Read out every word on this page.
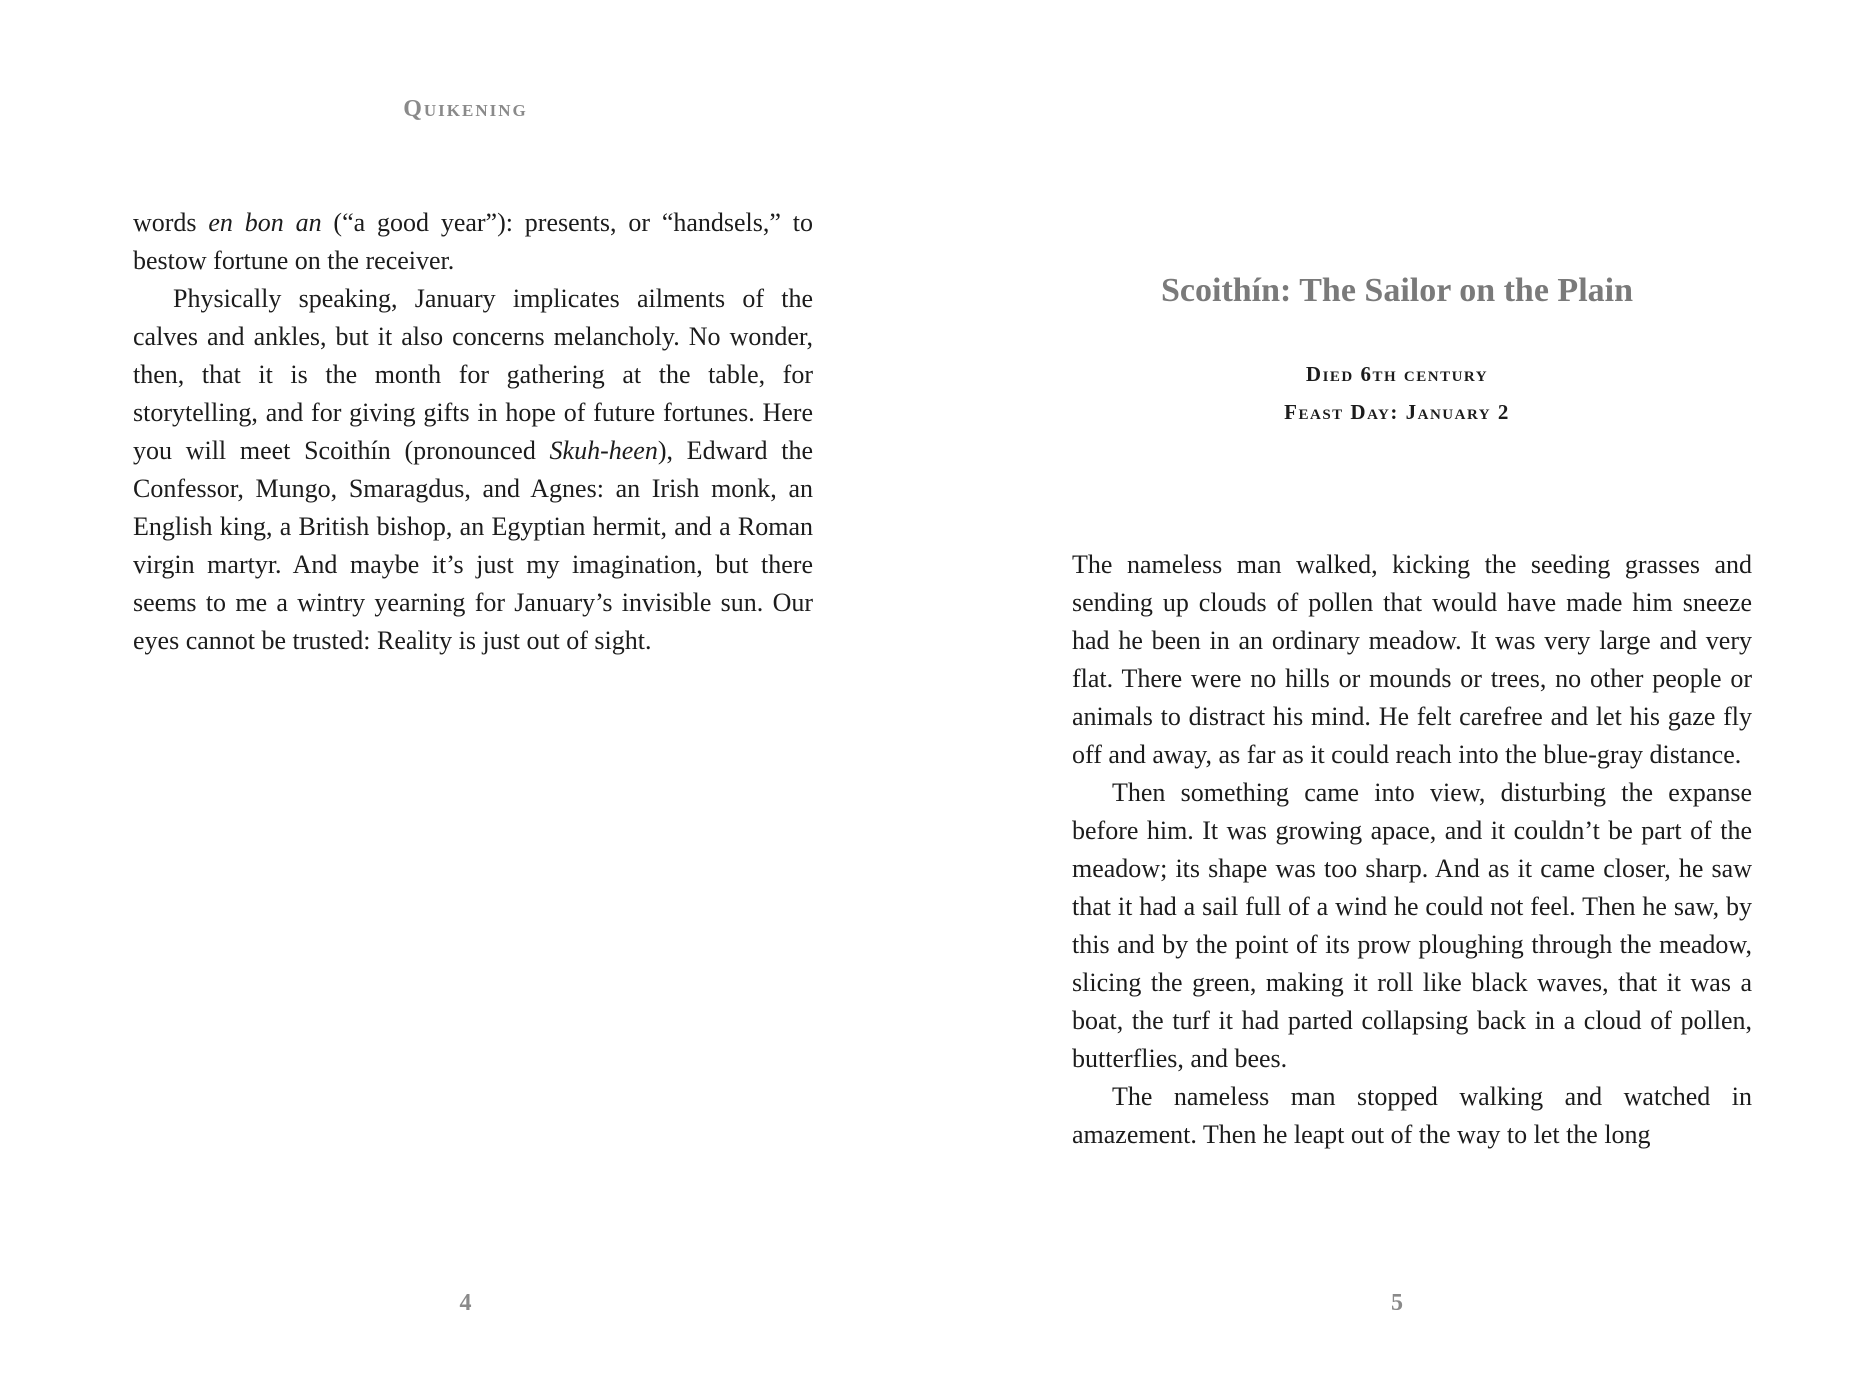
Quikening

words en bon an (“a good year”): presents, or “handsels,” to bestow fortune on the receiver.

Physically speaking, January implicates ailments of the calves and ankles, but it also concerns melancholy. No wonder, then, that it is the month for gathering at the table, for storytelling, and for giving gifts in hope of future fortunes. Here you will meet Scoithín (pronounced Skuh-heen), Edward the Confessor, Mungo, Smaragdus, and Agnes: an Irish monk, an English king, a British bishop, an Egyptian hermit, and a Roman virgin martyr. And maybe it’s just my imagination, but there seems to me a wintry yearning for January’s invisible sun. Our eyes cannot be trusted: Reality is just out of sight.

4
Scoithín: The Sailor on the Plain
Died 6th century
Feast Day: January 2

The nameless man walked, kicking the seeding grasses and sending up clouds of pollen that would have made him sneeze had he been in an ordinary meadow. It was very large and very flat. There were no hills or mounds or trees, no other people or animals to distract his mind. He felt carefree and let his gaze fly off and away, as far as it could reach into the blue-gray distance.

Then something came into view, disturbing the expanse before him. It was growing apace, and it couldn’t be part of the meadow; its shape was too sharp. And as it came closer, he saw that it had a sail full of a wind he could not feel. Then he saw, by this and by the point of its prow ploughing through the meadow, slicing the green, making it roll like black waves, that it was a boat, the turf it had parted collapsing back in a cloud of pollen, butterflies, and bees.

The nameless man stopped walking and watched in amazement. Then he leapt out of the way to let the long

5
